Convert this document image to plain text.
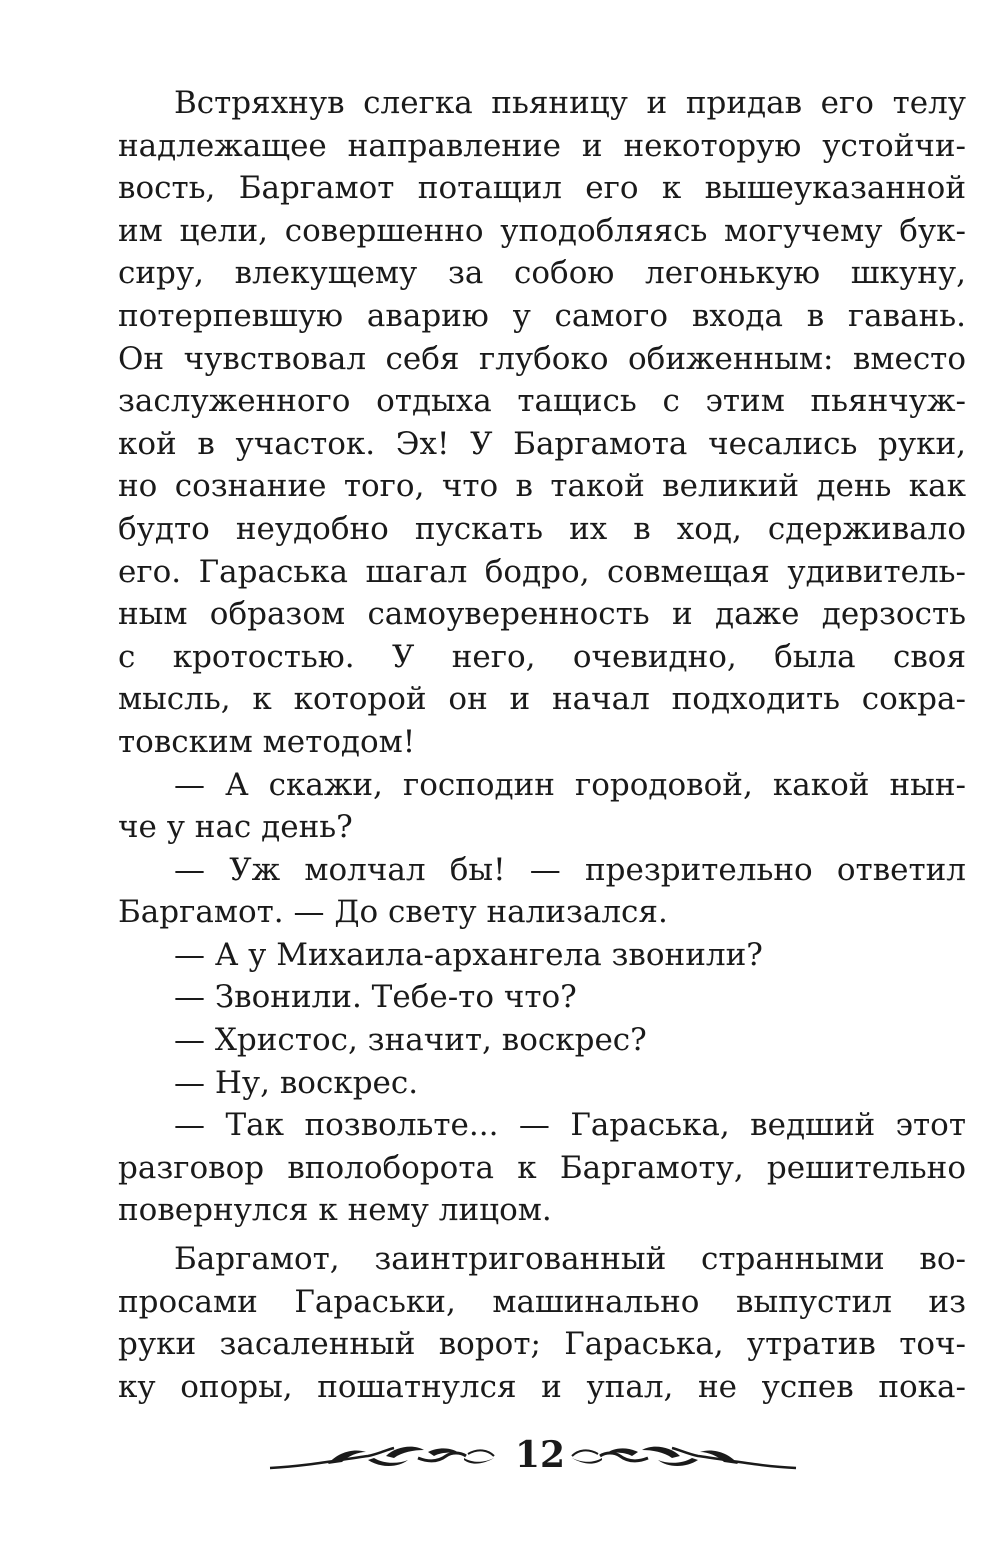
Встряхнув слегка пьяницу и придав его телу
надлежащее направление и некоторую устойчи-
вость, Баргамот потащил его к вышеуказанной
им цели, совершенно уподобляясь могучему бук-
сиру, влекущему за собою легонькую шкуну,
потерпевшую аварию у самого входа в гавань.
Он чувствовал себя глубоко обиженным: вместо
заслуженного отдыха тащись с этим пьянчуж-
кой в участок. Эх! У Баргамота чесались руки,
но сознание того, что в такой великий день как
будто неудобно пускать их в ход, сдерживало
его. Гараська шагал бодро, совмещая удивитель-
ным образом самоуверенность и даже дерзость
с кротостью. У него, очевидно, была своя
мысль, к которой он и начал подходить сокра-
товским методом!
— А скажи, господин городовой, какой нын-
че у нас день?
— Уж молчал бы! — презрительно ответил
Баргамот. — До свету нализался.
— А у Михаила-архангела звонили?
— Звонили. Тебе-то что?
— Христос, значит, воскрес?
— Ну, воскрес.
— Так позвольте... — Гараська, ведший этот
разговор вполоборота к Баргамоту, решительно
повернулся к нему лицом.
Баргамот, заинтригованный странными во-
просами Гараськи, машинально выпустил из
руки засаленный ворот; Гараська, утратив точ-
ку опоры, пошатнулся и упал, не успев пока-
12
